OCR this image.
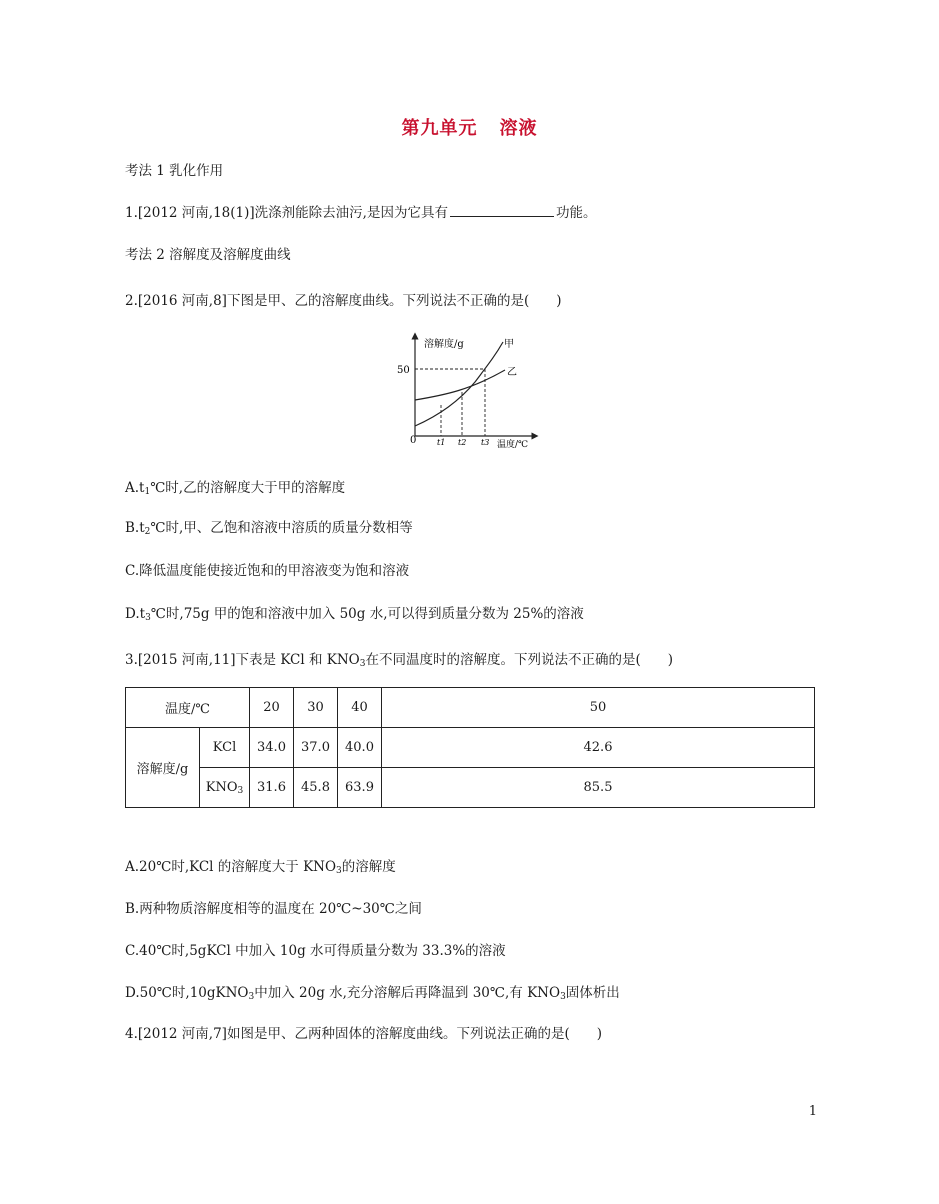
第九单元 溶液
考法 1 乳化作用
1.[2012 河南,18(1)]洗涤剂能除去油污,是因为它具有	功能。
考法 2 溶解度及溶解度曲线
2.[2016 河南,8]下图是甲、乙的溶解度曲线。下列说法不正确的是(　　)
溶解度/g
50
0	温度/℃
甲
乙
t1 t2 t3
$A.t_1℃$时,乙的溶解度大于甲的溶解度
$B.t_2℃$时,甲、乙饱和溶液中溶质的质量分数相等
C.降低温度能使接近饱和的甲溶液变为饱和溶液
$D.t_3℃$时,75g 甲的饱和溶液中加入 50g 水,可以得到质量分数为 25%的溶液
3.[2015 河南,11]下表是 KCl 和 $KNO_3$在不同温度时的溶解度。下列说法不正确的是(　　)
温度/℃		20	30	40	50
溶解度/g	KCl	34.0	37.0	40.0	42.6
	$KNO_3$	31.6	45.8	63.9	85.5
A.20℃时,KCl 的溶解度大于 $KNO_3$的溶解度
B.两种物质溶解度相等的温度在 20℃~30℃之间
C.40℃时,5gKCl 中加入 10g 水可得质量分数为 33.3%的溶液
D.50℃时,10gKNO$_3$中加入 20g 水,充分溶解后再降温到 30℃,有 $KNO_3$固体析出
4.[2012 河南,7]如图是甲、乙两种固体的溶解度曲线。下列说法正确的是(　　)
1
